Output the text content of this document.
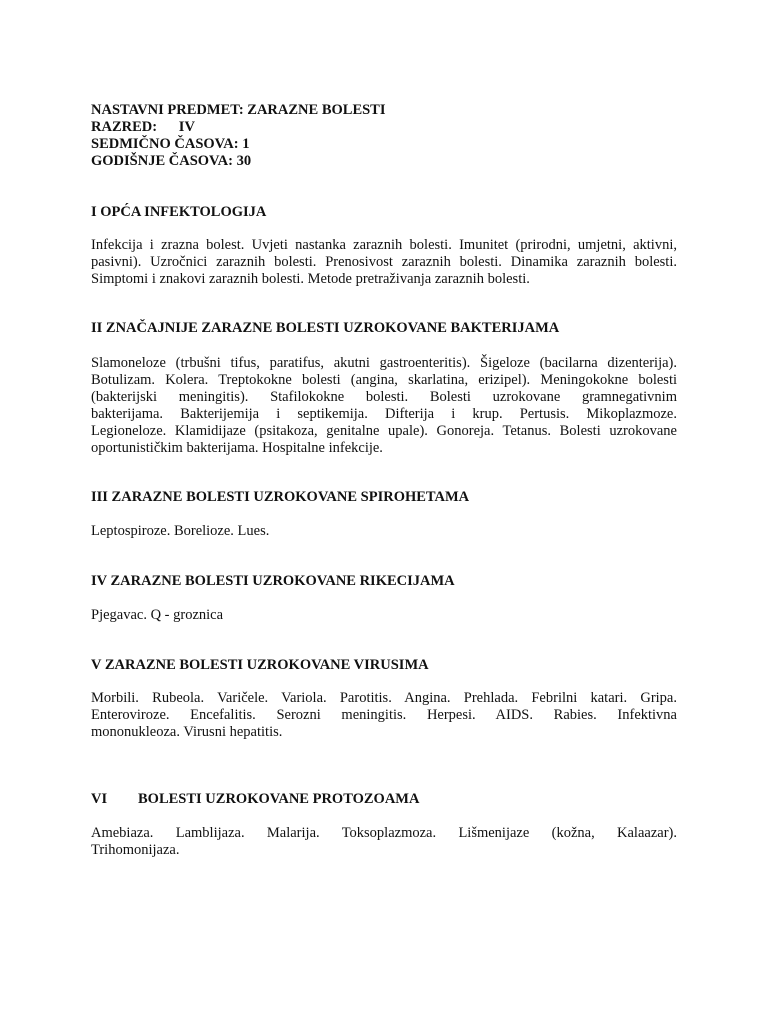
NASTAVNI PREDMET: ZARAZNE BOLESTI
RAZRED:      IV
SEDMIČNO ČASOVA: 1
GODIŠNJE ČASOVA: 30
I OPĆA INFEKTOLOGIJA
Infekcija i zrazna bolest. Uvjeti nastanka zaraznih bolesti. Imunitet (prirodni, umjetni, aktivni,
pasivni). Uzročnici zaraznih bolesti. Prenosivost zaraznih bolesti. Dinamika zaraznih bolesti.
Simptomi i znakovi zaraznih bolesti. Metode pretraživanja zaraznih bolesti.
II ZNAČAJNIJE ZARAZNE BOLESTI UZROKOVANE BAKTERIJAMA
Slamoneloze (trbušni tifus, paratifus, akutni gastroenteritis). Šigeloze (bacilarna dizenterija).
Botulizam. Kolera. Treptokokne bolesti (angina, skarlatina, erizipel). Meningokokne bolesti
(bakterijski meningitis). Stafilokokne bolesti. Bolesti uzrokovane gramnegativnim
bakterijama. Bakterijemija i septikemija. Difterija i krup. Pertusis. Mikoplazmoze.
Legioneloze. Klamidijaze (psitakoza, genitalne upale). Gonoreja. Tetanus. Bolesti uzrokovane
oportunističkim bakterijama. Hospitalne infekcije.
III ZARAZNE BOLESTI UZROKOVANE SPIROHETAMA
Leptospiroze. Borelioze. Lues.
IV ZARAZNE BOLESTI UZROKOVANE RIKECIJAMA
Pjegavac. Q - groznica
V ZARAZNE BOLESTI UZROKOVANE VIRUSIMA
Morbili. Rubeola. Varičele. Variola. Parotitis. Angina. Prehlada. Febrilni katari. Gripa.
Enteroviroze. Encefalitis. Serozni meningitis. Herpesi. AIDS. Rabies. Infektivna
mononukleoza. Virusni hepatitis.
VI BOLESTI UZROKOVANE PROTOZOAMA
Amebiaza. Lamblijaza. Malarija. Toksoplazmoza. Lišmenijaze (kožna, Kalaazar).
Trihomonijaza.
